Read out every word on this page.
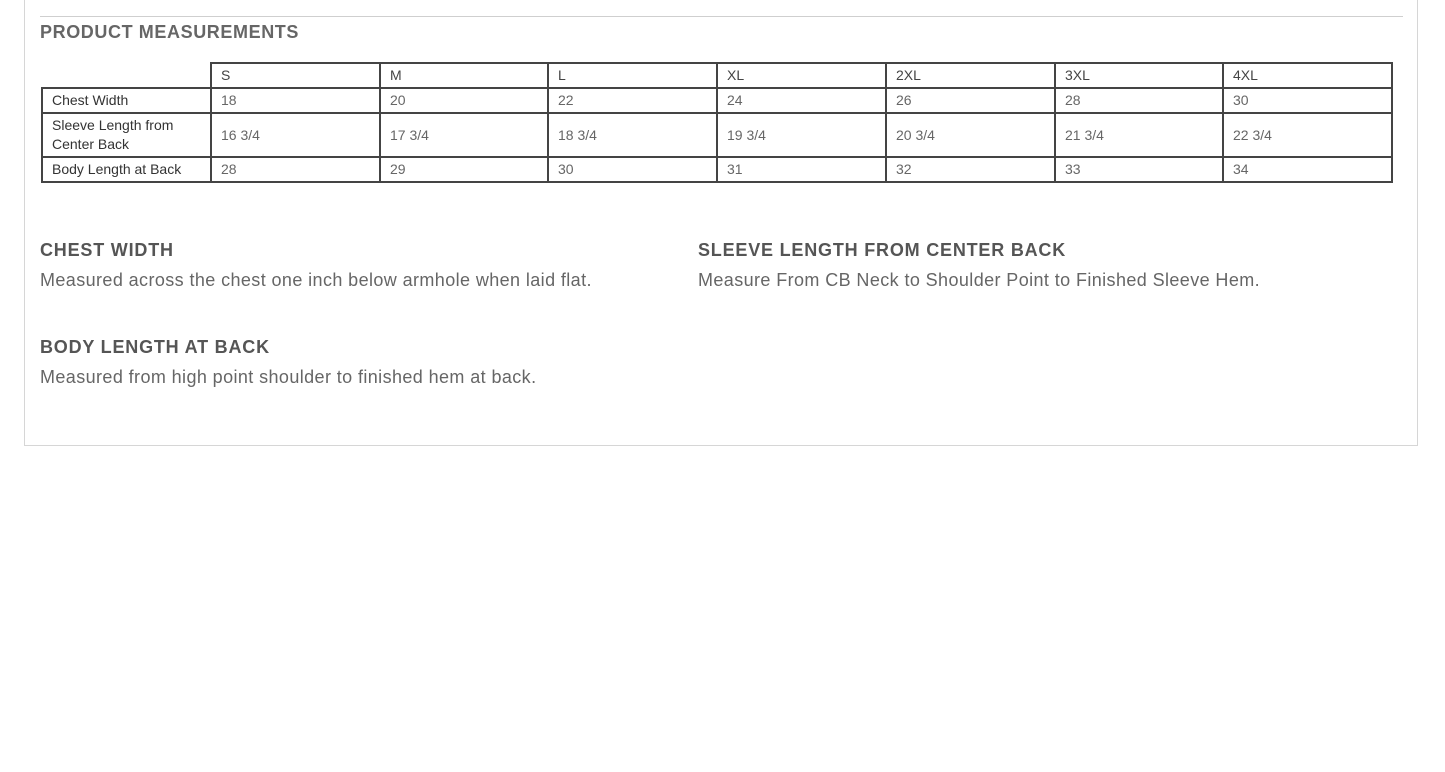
PRODUCT MEASUREMENTS
	S	M	L	XL	2XL	3XL	4XL
Chest Width	18	20	22	24	26	28	30
Sleeve Length from Center Back	16 3/4	17 3/4	18 3/4	19 3/4	20 3/4	21 3/4	22 3/4
Body Length at Back	28	29	30	31	32	33	34
CHEST WIDTH

Measured across the chest one inch below armhole when laid flat.

SLEEVE LENGTH FROM CENTER BACK

Measure From CB Neck to Shoulder Point to Finished Sleeve Hem.

BODY LENGTH AT BACK

Measured from high point shoulder to finished hem at back.
